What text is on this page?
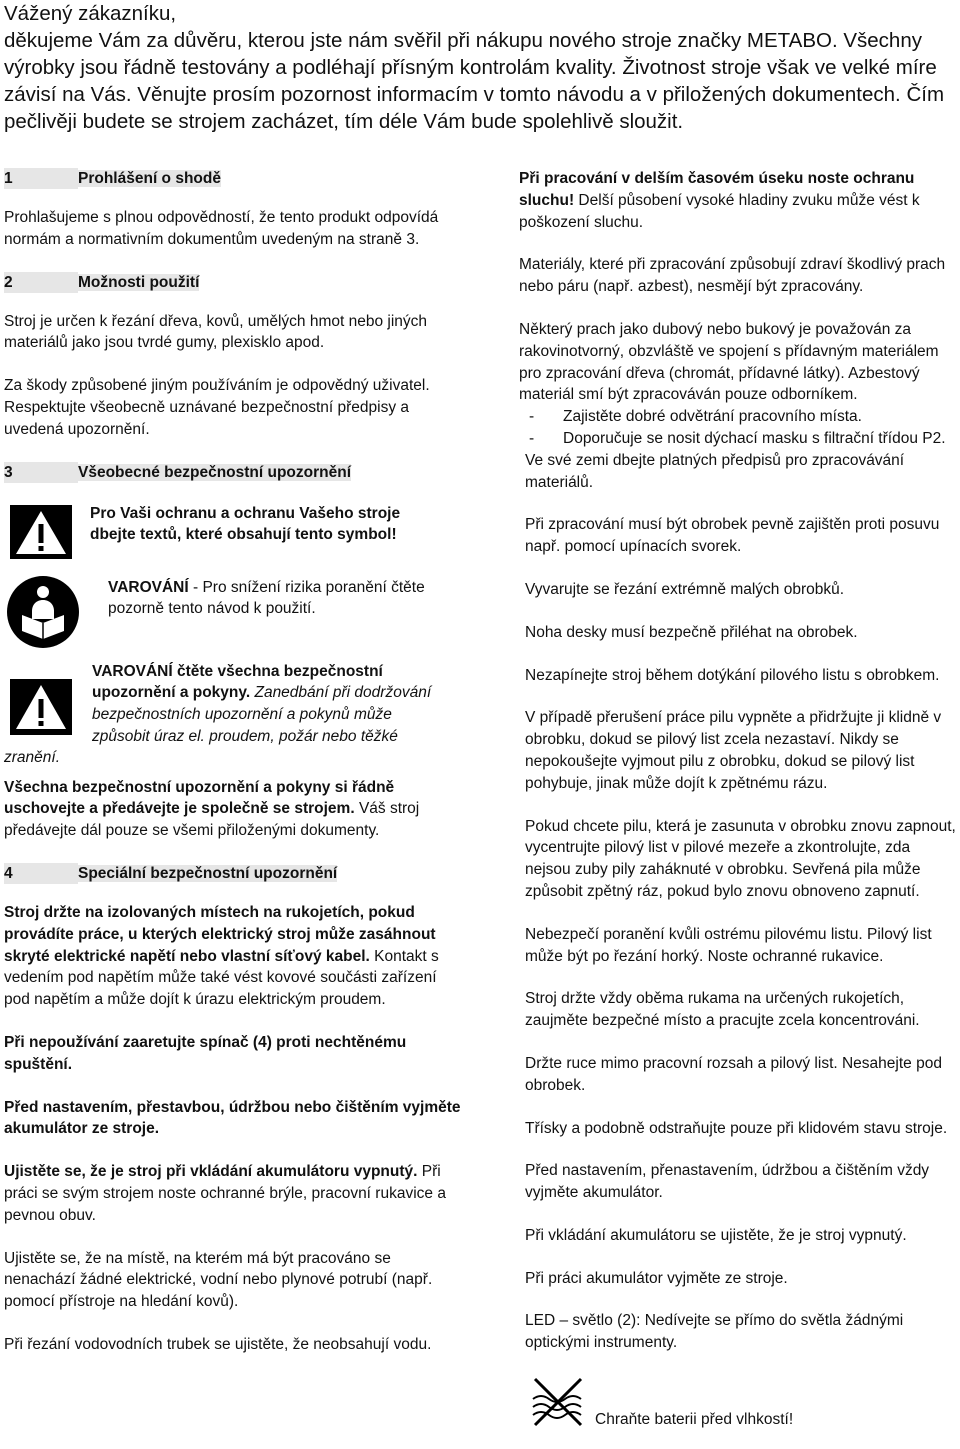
Vážený zákazníku,

děkujeme Vám za důvěru, kterou jste nám svěřil při nákupu nového stroje značky METABO. Všechny výrobky jsou řádně testovány a podléhají přísným kontrolám kvality. Životnost stroje však ve velké míre závisí na Vás. Věnujte prosím pozornost informacím v tomto návodu a v přiložených dokumentech. Čím pečlivěji budete se strojem zacházet, tím déle Vám bude spolehlivě sloužit.

1	Prohlášení o shodě

Prohlašujeme s plnou odpovědností, že tento produkt odpovídá normám a normativním dokumentům uvedeným na straně 3.

2	Možnosti použití

Stroj je určen k řezání dřeva, kovů, umělých hmot nebo jiných materiálů jako jsou tvrdé gumy, plexisklo apod.

Za škody způsobené jiným používáním je odpovědný uživatel. Respektujte všeobecně uznávané bezpečnostní předpisy a uvedená upozornění.

3	Všeobecné bezpečnostní upozornění

Pro Vaši ochranu a ochranu Vašeho stroje dbejte textů, které obsahují tento symbol!

VAROVÁNÍ - Pro snížení rizika poranění čtěte pozorně tento návod k použití.

VAROVÁNÍ čtěte všechna bezpečnostní upozornění a pokyny. Zanedbání při dodržování bezpečnostních upozornění a pokynů může způsobit úraz el. proudem, požár nebo těžké

zranění.

Všechna bezpečnostní upozornění a pokyny si řádně uschovejte a předávejte je společně se strojem. Váš stroj předávejte dál pouze se všemi přiloženými dokumenty.

4	Speciální bezpečnostní upozornění

Stroj držte na izolovaných místech na rukojetích, pokud provádíte práce, u kterých elektrický stroj může zasáhnout skryté elektrické napětí nebo vlastní síťový kabel. Kontakt s vedením pod napětím může také vést kovové součásti zařízení pod napětím a může dojít k úrazu elektrickým proudem.

Při nepoužívání zaaretujte spínač (4) proti nechtěnému spuštění.

Před nastavením, přestavbou, údržbou nebo čištěním vyjměte akumulátor ze stroje.

Ujistěte se, že je stroj při vkládání akumulátoru vypnutý. Při práci se svým strojem noste ochranné brýle, pracovní rukavice a pevnou obuv.

Ujistěte se, že na místě, na kterém má být pracováno se nenachází žádné elektrické, vodní nebo plynové potrubí (např. pomocí přístroje na hledání kovů).

Při řezání vodovodních trubek se ujistěte, že neobsahují vodu.

Při pracování v delším časovém úseku noste ochranu sluchu! Delší působení vysoké hladiny zvuku může vést k poškození sluchu.

Materiály, které při zpracování způsobují zdraví škodlivý prach nebo páru (např. azbest), nesmějí být zpracovány.

Některý prach jako dubový nebo bukový je považován za rakovinotvorný, obzvláště ve spojení s přídavným materiálem pro zpracování dřeva (chromát, přídavné látky). Azbestový materiál smí být zpracováván pouze odborníkem.

- Zajistěte dobré odvětrání pracovního místa.
- Doporučuje se nosit dýchací masku s filtrační třídou P2.

Ve své zemi dbejte platných předpisů pro zpracovávání materiálů.

Při zpracování musí být obrobek pevně zajištěn proti posuvu např. pomocí upínacích svorek.

Vyvarujte se řezání extrémně malých obrobků.

Noha desky musí bezpečně přiléhat na obrobek.

Nezapínejte stroj během dotýkání pilového listu s obrobkem.

V případě přerušení práce pilu vypněte a přidržujte ji klidně v obrobku, dokud se pilový list zcela nezastaví. Nikdy se nepokoušejte vyjmout pilu z obrobku, dokud se pilový list pohybuje, jinak může dojít k zpětnému rázu.

Pokud chcete pilu, která je zasunuta v obrobku znovu zapnout, vycentrujte pilový list v pilové mezeře a zkontrolujte, zda nejsou zuby pily zaháknuté v obrobku. Sevřená pila může způsobit zpětný ráz, pokud bylo znovu obnoveno zapnutí.

Nebezpečí poranění kvůli ostrému pilovému listu. Pilový list může být po řezání horký. Noste ochranné rukavice.

Stroj držte vždy oběma rukama na určených rukojetích, zaujměte bezpečné místo a pracujte zcela koncentrováni.

Držte ruce mimo pracovní rozsah a pilový list. Nesahejte pod obrobek.

Třísky a podobně odstraňujte pouze při klidovém stavu stroje.

Před nastavením, přenastavením, údržbou a čištěním vždy vyjměte akumulátor.

Při vkládání akumulátoru se ujistěte, že je stroj vypnutý.

Při práci akumulátor vyjměte ze stroje.

LED – světlo (2): Nedívejte se přímo do světla žádnými optickými instrumenty.

Chraňte baterii před vlhkostí!
